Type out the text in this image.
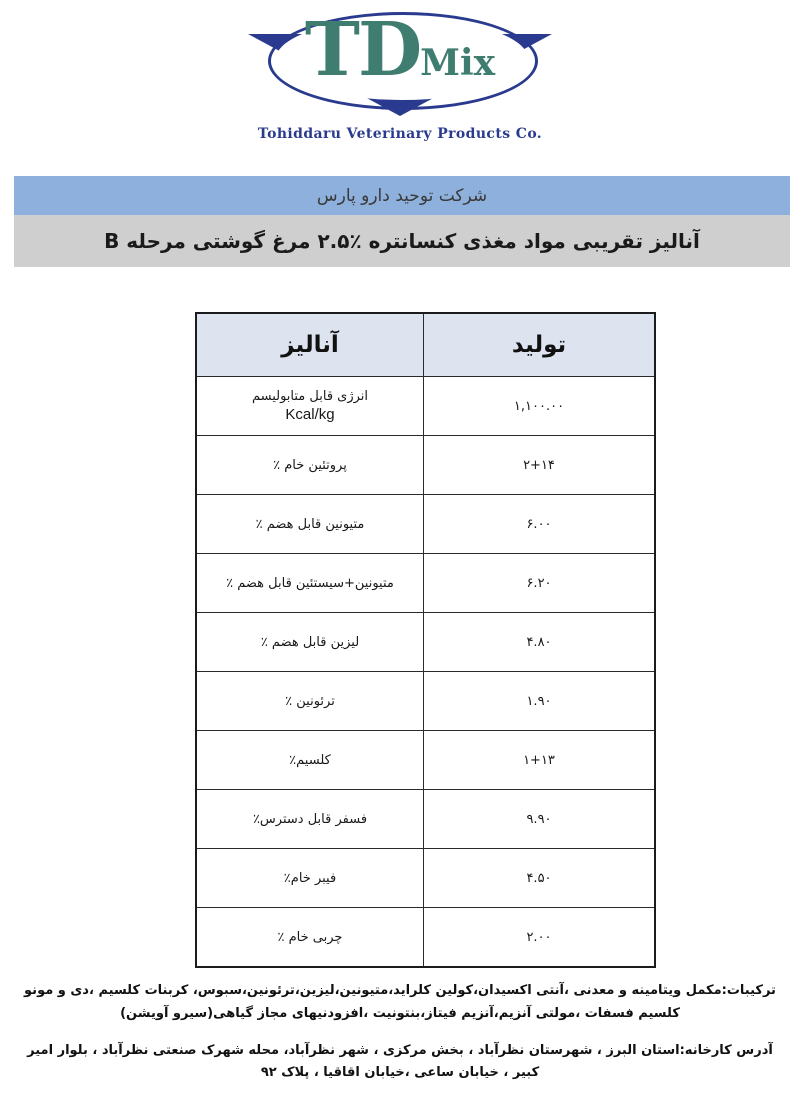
TDMix
Tohiddaru Veterinary Products Co.
شرکت توحید دارو پارس
آنالیز تقریبی مواد مغذی کنسانتره ٪۲.۵ مرغ گوشتی مرحله B
تولید	آنالیز
۱,۱۰۰.۰۰	انرژی قابل متابولیسم
Kcal/kg

۲+۱۴	پروتئین خام ٪

۶.۰۰	متیونین قابل هضم ٪

۶.۲۰	متیونین+سیستئین قابل هضم ٪

۴.۸۰	لیزین قابل هضم ٪

۱.۹۰	ترئونین ٪

۱+۱۳	کلسیم٪

۹.۹۰	فسفر قابل دسترس٪

۴.۵۰	فیبر خام٪

۲.۰۰	چربی خام ٪

ترکیبات:مکمل ویتامینه و معدنی ،آنتی اکسیدان،کولین کلراید،متیونین،لیزین،ترئونین،سبوس، کربنات کلسیم ،دی و مونو کلسیم فسفات ،مولتی آنزیم،آنزیم فیتاز،بنتونیت ،افزودنیهای مجاز گیاهی(سیرو آویشن)

آدرس کارخانه:استان البرز ، شهرستان نظرآباد ، بخش مرکزی ، شهر نظرآباد، محله شهرک صنعتی نظرآباد ، بلوار امیر کبیر ، خیابان ساعی ،خیابان اقاقیا ، پلاک ۹۲
